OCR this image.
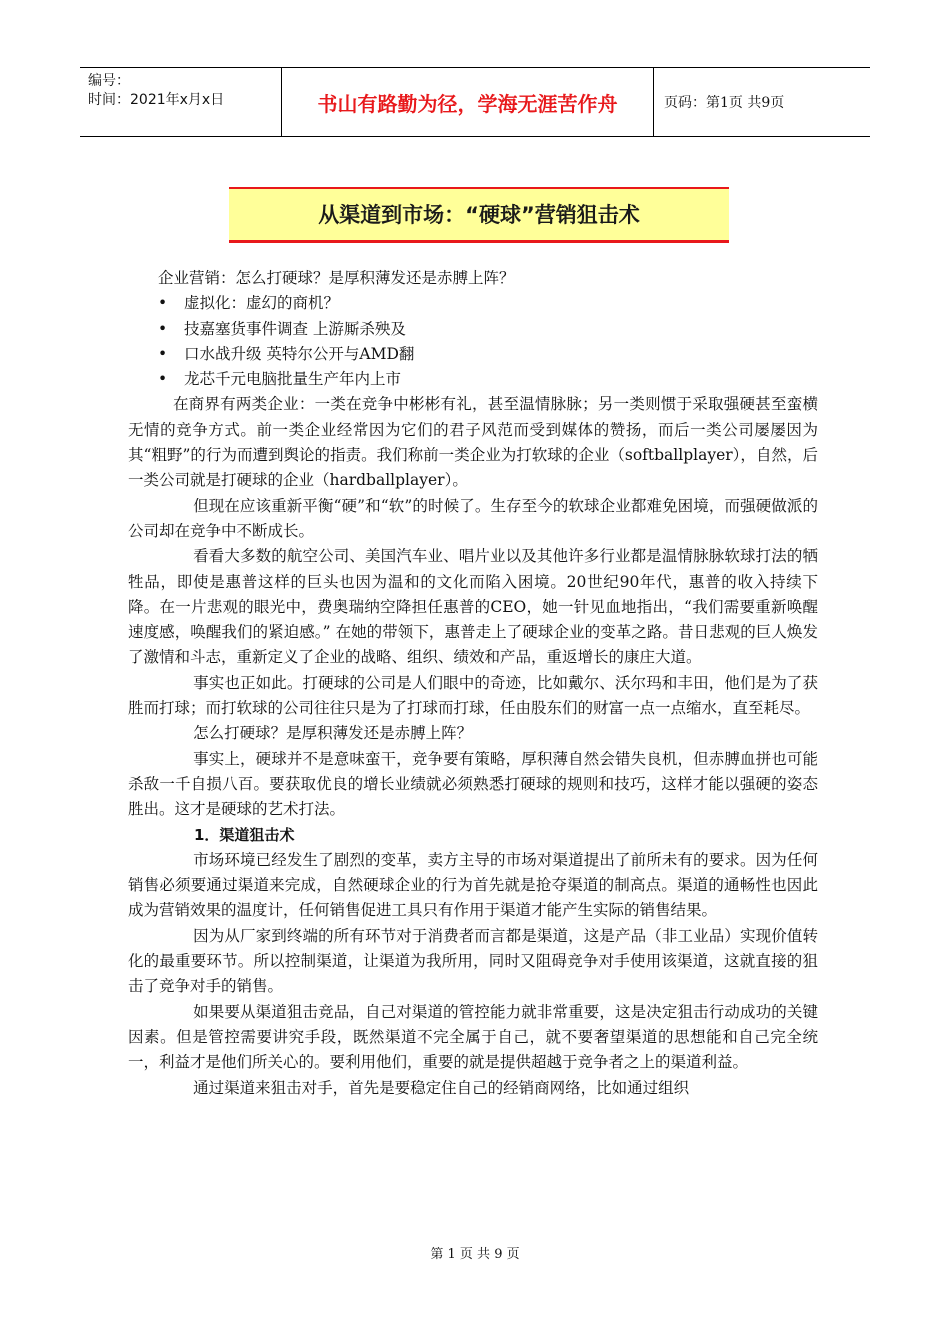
编号：
时间：2021年x月x日	书山有路勤为径，学海无涯苦作舟	页码：第1页 共9页
从渠道到市场：“硬球”营销狙击术

企业营销：怎么打硬球？是厚积薄发还是赤膊上阵？

• 虚拟化：虚幻的商机？

• 技嘉塞货事件调查 上游厮杀殃及

• 口水战升级 英特尔公开与AMD翻

• 龙芯千元电脑批量生产年内上市

在商界有两类企业：一类在竞争中彬彬有礼，甚至温情脉脉；另一类则惯于采取强硬甚至蛮横无情的竞争方式。前一类企业经常因为它们的君子风范而受到媒体的赞扬，而后一类公司屡屡因为其“粗野”的行为而遭到舆论的指责。我们称前一类企业为打软球的企业（softballplayer），自然，后一类公司就是打硬球的企业（hardballplayer）。

但现在应该重新平衡“硬”和“软”的时候了。生存至今的软球企业都难免困境，而强硬做派的公司却在竞争中不断成长。

看看大多数的航空公司、美国汽车业、唱片业以及其他许多行业都是温情脉脉软球打法的牺牲品，即使是惠普这样的巨头也因为温和的文化而陷入困境。20世纪90年代，惠普的收入持续下降。在一片悲观的眼光中，费奥瑞纳空降担任惠普的CEO，她一针见血地指出，“我们需要重新唤醒速度感，唤醒我们的紧迫感。” 在她的带领下，惠普走上了硬球企业的变革之路。昔日悲观的巨人焕发了激情和斗志，重新定义了企业的战略、组织、绩效和产品，重返增长的康庄大道。

事实也正如此。打硬球的公司是人们眼中的奇迹，比如戴尔、沃尔玛和丰田，他们是为了获胜而打球；而打软球的公司往往只是为了打球而打球，任由股东们的财富一点一点缩水，直至耗尽。

怎么打硬球？是厚积薄发还是赤膊上阵？

事实上，硬球并不是意味蛮干，竞争要有策略，厚积薄自然会错失良机，但赤膊血拼也可能杀敌一千自损八百。要获取优良的增长业绩就必须熟悉打硬球的规则和技巧，这样才能以强硬的姿态胜出。这才是硬球的艺术打法。

1．渠道狙击术

市场环境已经发生了剧烈的变革，卖方主导的市场对渠道提出了前所未有的要求。因为任何销售必须要通过渠道来完成，自然硬球企业的行为首先就是抢夺渠道的制高点。渠道的通畅性也因此成为营销效果的温度计，任何销售促进工具只有作用于渠道才能产生实际的销售结果。

因为从厂家到终端的所有环节对于消费者而言都是渠道，这是产品（非工业品）实现价值转化的最重要环节。所以控制渠道，让渠道为我所用，同时又阻碍竞争对手使用该渠道，这就直接的狙击了竞争对手的销售。

如果要从渠道狙击竞品，自己对渠道的管控能力就非常重要，这是决定狙击行动成功的关键因素。但是管控需要讲究手段，既然渠道不完全属于自己，就不要奢望渠道的思想能和自己完全统一，利益才是他们所关心的。要利用他们，重要的就是提供超越于竞争者之上的渠道利益。

通过渠道来狙击对手，首先是要稳定住自己的经销商网络，比如通过组织

第 1 页 共 9 页
